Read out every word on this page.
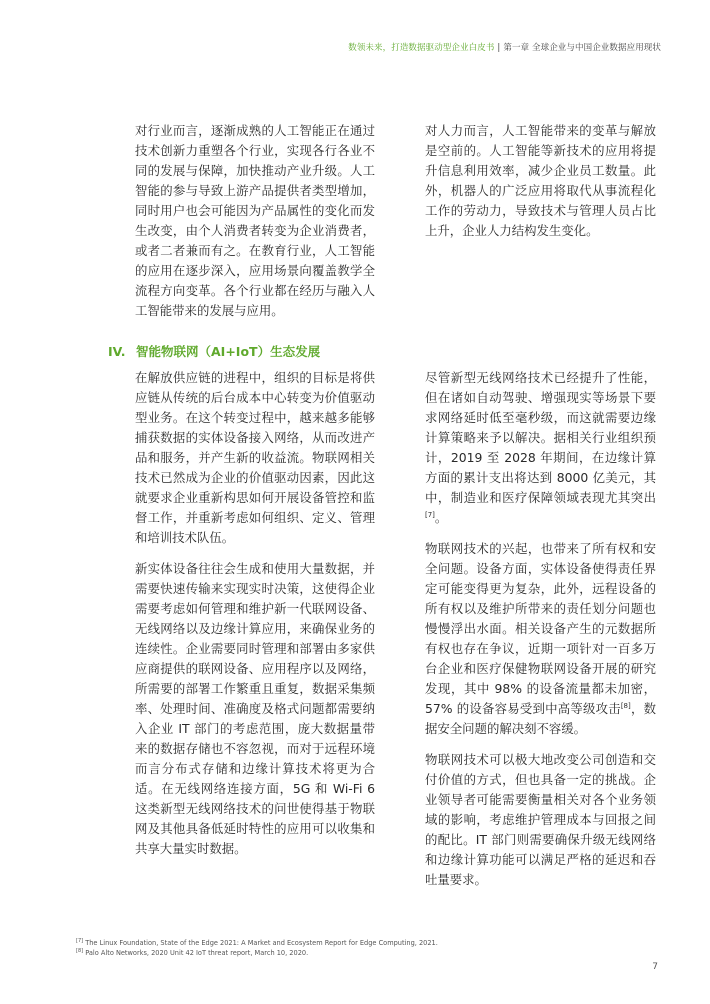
数领未来，打造数据驱动型企业白皮书 | 第一章 全球企业与中国企业数据应用现状

对行业而言，逐渐成熟的人工智能正在通过技术创新力重塑各个行业，实现各行各业不同的发展与保障，加快推动产业升级。人工智能的参与导致上游产品提供者类型增加，同时用户也会可能因为产品属性的变化而发生改变，由个人消费者转变为企业消费者，或者二者兼而有之。在教育行业，人工智能的应用在逐步深入，应用场景向覆盖教学全流程方向变革。各个行业都在经历与融入人工智能带来的发展与应用。

对人力而言，人工智能带来的变革与解放是空前的。人工智能等新技术的应用将提升信息利用效率，减少企业员工数量。此外，机器人的广泛应用将取代从事流程化工作的劳动力，导致技术与管理人员占比上升，企业人力结构发生变化。

IV. 智能物联网（AI+IoT）生态发展

在解放供应链的进程中，组织的目标是将供应链从传统的后台成本中心转变为价值驱动型业务。在这个转变过程中，越来越多能够捕获数据的实体设备接入网络，从而改进产品和服务，并产生新的收益流。物联网相关技术已然成为企业的价值驱动因素，因此这就要求企业重新构思如何开展设备管控和监督工作，并重新考虑如何组织、定义、管理和培训技术队伍。

新实体设备往往会生成和使用大量数据，并需要快速传输来实现实时决策，这使得企业需要考虑如何管理和维护新一代联网设备、无线网络以及边缘计算应用，来确保业务的连续性。企业需要同时管理和部署由多家供应商提供的联网设备、应用程序以及网络，所需要的部署工作繁重且重复，数据采集频率、处理时间、准确度及格式问题都需要纳入企业 IT 部门的考虑范围，庞大数据量带来的数据存储也不容忽视，而对于远程环境而言分布式存储和边缘计算技术将更为合适。在无线网络连接方面，5G 和 Wi-Fi 6 这类新型无线网络技术的问世使得基于物联网及其他具备低延时特性的应用可以收集和共享大量实时数据。

尽管新型无线网络技术已经提升了性能，但在诸如自动驾驶、增强现实等场景下要求网络延时低至毫秒级，而这就需要边缘计算策略来予以解决。据相关行业组织预计，2019 至 2028 年期间，在边缘计算方面的累计支出将达到 8000 亿美元，其中，制造业和医疗保障领域表现尤其突出[7]。

物联网技术的兴起，也带来了所有权和安全问题。设备方面，实体设备使得责任界定可能变得更为复杂，此外，远程设备的所有权以及维护所带来的责任划分问题也慢慢浮出水面。相关设备产生的元数据所有权也存在争议，近期一项针对一百多万台企业和医疗保健物联网设备开展的研究发现，其中 98% 的设备流量都未加密，57% 的设备容易受到中高等级攻击[8]，数据安全问题的解决刻不容缓。

物联网技术可以极大地改变公司创造和交付价值的方式，但也具备一定的挑战。企业领导者可能需要衡量相关对各个业务领域的影响，考虑维护管理成本与回报之间的配比。IT 部门则需要确保升级无线网络和边缘计算功能可以满足严格的延迟和吞吐量要求。

[7] The Linux Foundation, State of the Edge 2021: A Market and Ecosystem Report for Edge Computing, 2021.
[8] Palo Alto Networks, 2020 Unit 42 IoT threat report, March 10, 2020.
7
